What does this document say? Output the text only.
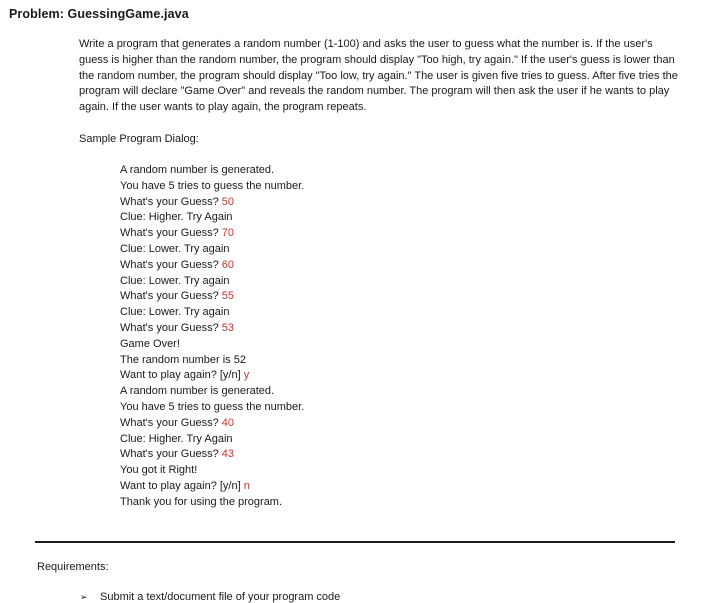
Problem: GuessingGame.java

Write a program that generates a random number (1-100) and asks the user to guess what the number is. If the user's guess is higher than the random number, the program should display "Too high, try again." If the user's guess is lower than the random number, the program should display "Too low, try again." The user is given five tries to guess. After five tries the program will declare "Game Over" and reveals the random number. The program will then ask the user if he wants to play again. If the user wants to play again, the program repeats.

Sample Program Dialog:
A random number is generated.
You have 5 tries to guess the number.
What's your Guess? 50
Clue: Higher. Try Again
What's your Guess? 70
Clue: Lower. Try again
What's your Guess? 60
Clue: Lower. Try again
What's your Guess? 55
Clue: Lower. Try again
What's your Guess? 53
Game Over!
The random number is 52
Want to play again? [y/n] y
A random number is generated.
You have 5 tries to guess the number.
What's your Guess? 40
Clue: Higher. Try Again
What's your Guess? 43
You got it Right!
Want to play again? [y/n] n
Thank you for using the program.
Requirements:
➢ Submit a text/document file of your program code
